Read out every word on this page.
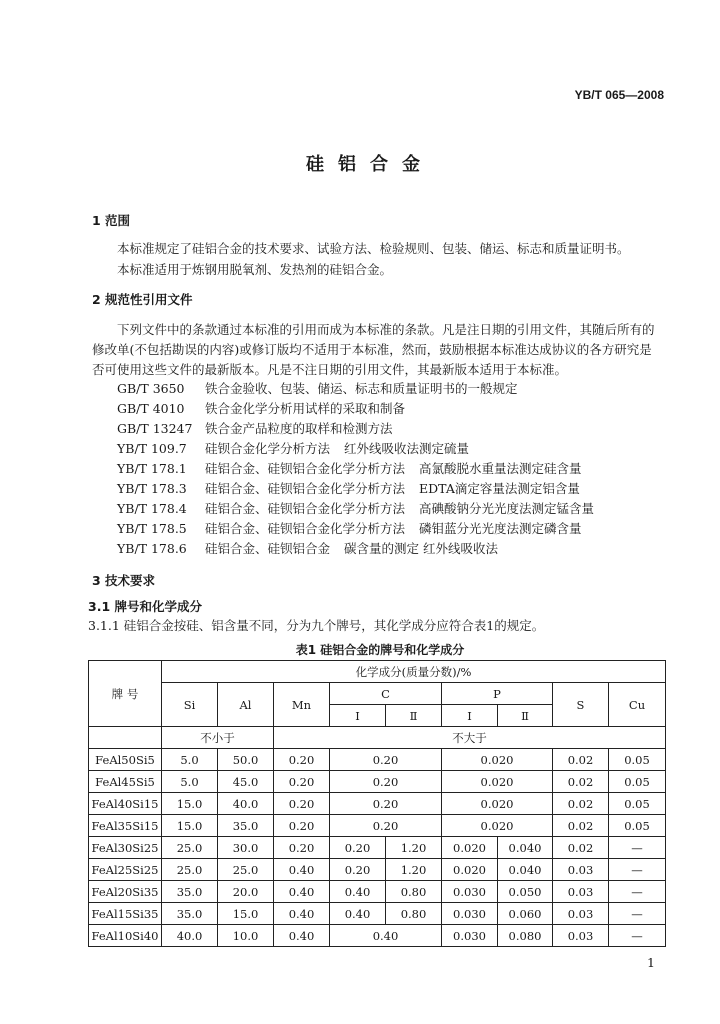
YB/T 065—2008
硅铝合金
1 范围
本标准规定了硅铝合金的技术要求、试验方法、检验规则、包装、储运、标志和质量证明书。
本标准适用于炼钢用脱氧剂、发热剂的硅铝合金。
2 规范性引用文件
下列文件中的条款通过本标准的引用而成为本标准的条款。凡是注日期的引用文件，其随后所有的
修改单(不包括勘误的内容)或修订版均不适用于本标准，然而，鼓励根据本标准达成协议的各方研究是
否可使用这些文件的最新版本。凡是不注日期的引用文件，其最新版本适用于本标准。
GB/T 3650 铁合金验收、包装、储运、标志和质量证明书的一般规定
GB/T 4010 铁合金化学分析用试样的采取和制备
GB/T 13247 铁合金产品粒度的取样和检测方法
YB/T 109.7 硅钡合金化学分析方法 红外线吸收法测定硫量
YB/T 178.1 硅铝合金、硅钡铝合金化学分析方法 高氯酸脱水重量法测定硅含量
YB/T 178.3 硅铝合金、硅钡铝合金化学分析方法 EDTA滴定容量法测定铝含量
YB/T 178.4 硅铝合金、硅钡铝合金化学分析方法 高碘酸钠分光光度法测定锰含量
YB/T 178.5 硅铝合金、硅钡铝合金化学分析方法 磷钼蓝分光光度法测定磷含量
YB/T 178.6 硅铝合金、硅钡铝合金 碳含量的测定 红外线吸收法
3 技术要求
3.1 牌号和化学成分
3.1.1 硅铝合金按硅、铝含量不同，分为九个牌号，其化学成分应符合表1的规定。
表1 硅铝合金的牌号和化学成分
牌 号	化学成分(质量分数)/%								
	Si	Al	Mn	C		P		S	Cu
				Ⅰ	Ⅱ	Ⅰ	Ⅱ		
	不小于		不大于						
FeAl50Si5	5.0	50.0	0.20	0.20		0.020		0.02	0.05
FeAl45Si5	5.0	45.0	0.20	0.20		0.020		0.02	0.05
FeAl40Si15	15.0	40.0	0.20	0.20		0.020		0.02	0.05
FeAl35Si15	15.0	35.0	0.20	0.20		0.020		0.02	0.05
FeAl30Si25	25.0	30.0	0.20	0.20	1.20	0.020	0.040	0.02	—
FeAl25Si25	25.0	25.0	0.40	0.20	1.20	0.020	0.040	0.03	—
FeAl20Si35	35.0	20.0	0.40	0.40	0.80	0.030	0.050	0.03	—
FeAl15Si35	35.0	15.0	0.40	0.40	0.80	0.030	0.060	0.03	—
FeAl10Si40	40.0	10.0	0.40	0.40		0.030	0.080	0.03	—
1
